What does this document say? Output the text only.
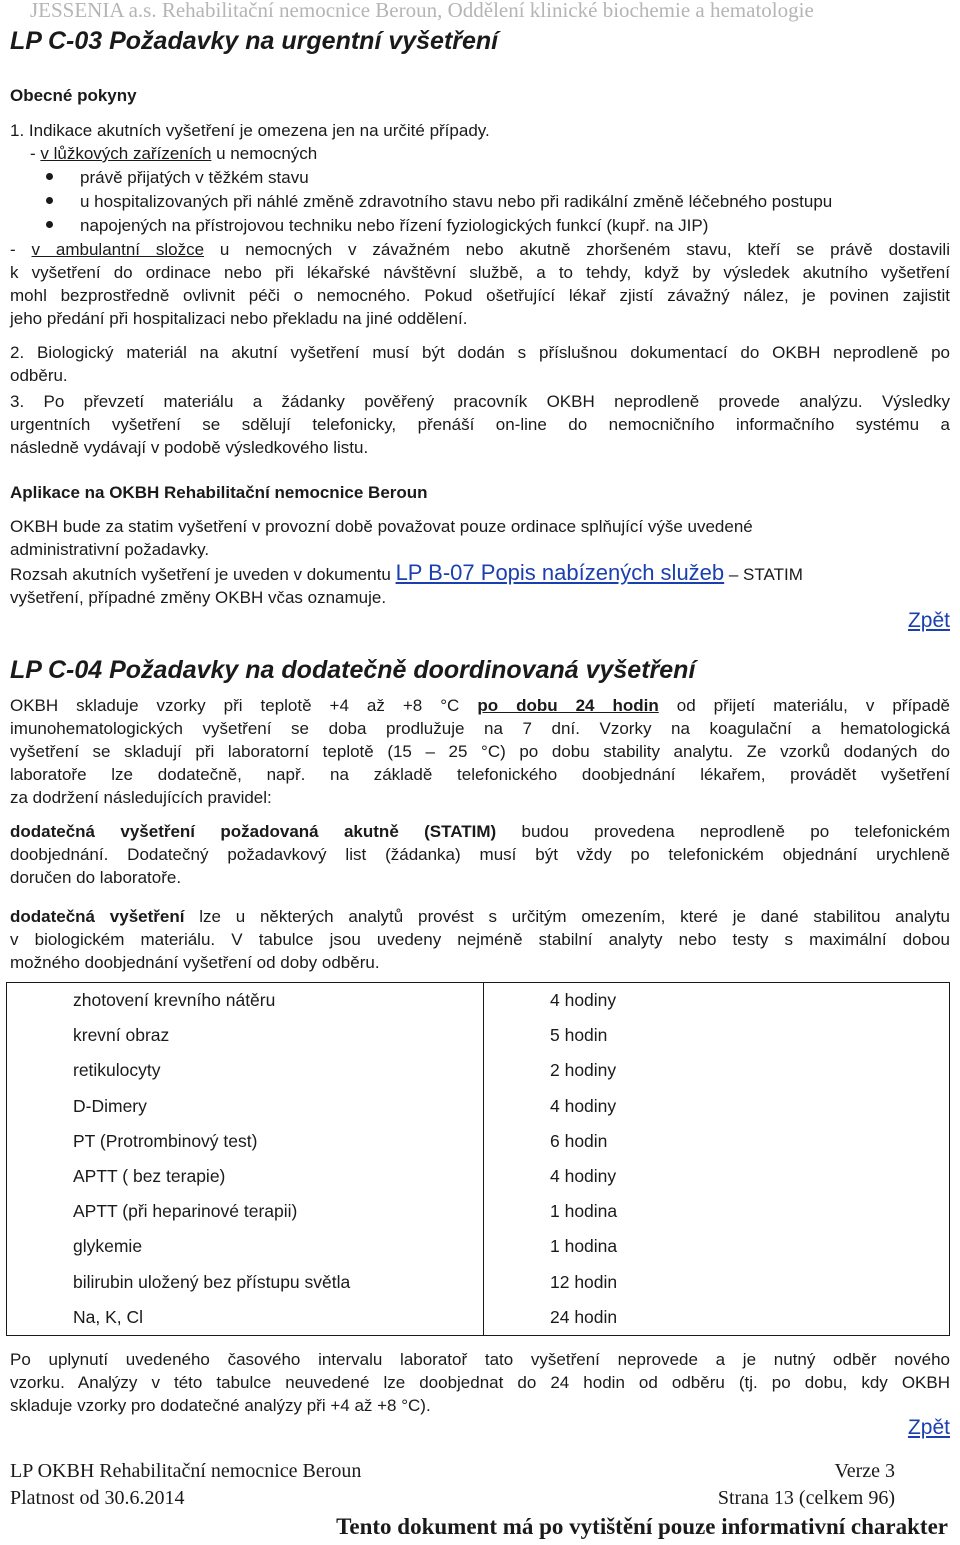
JESSENIA a.s. Rehabilitační nemocnice Beroun, Oddělení klinické biochemie a hematologie
LP C-03 Požadavky na urgentní vyšetření
Obecné pokyny
1. Indikace akutních vyšetření je omezena jen na určité případy.
- v lůžkových zařízeních u nemocných
právě přijatých v těžkém stavu
u hospitalizovaných při náhlé změně zdravotního stavu nebo při radikální změně léčebného postupu
napojených na přístrojovou techniku nebo řízení fyziologických funkcí (kupř. na JIP)
- v ambulantní složce u nemocných v závažném nebo akutně zhoršeném stavu, kteří se právě dostavili
k vyšetření do ordinace nebo při lékařské návštěvní službě, a to tehdy, když by výsledek akutního vyšetření
mohl bezprostředně ovlivnit péči o nemocného. Pokud ošetřující lékař zjistí závažný nález, je povinen zajistit
jeho předání při hospitalizaci nebo překladu na jiné oddělení.
2. Biologický materiál na akutní vyšetření musí být dodán s příslušnou dokumentací do OKBH neprodleně po
odběru.
3. Po převzetí materiálu a žádanky pověřený pracovník OKBH neprodleně provede analýzu. Výsledky
urgentních vyšetření se sdělují telefonicky, přenáší on-line do nemocničního informačního systému a
následně vydávají v podobě výsledkového listu.
Aplikace na OKBH Rehabilitační nemocnice Beroun
OKBH bude za statim vyšetření v provozní době považovat pouze ordinace splňující výše uvedené
administrativní požadavky.
Rozsah akutních vyšetření je uveden v dokumentu LP B-07 Popis nabízených služeb – STATIM
vyšetření, případné změny OKBH včas oznamuje.
Zpět
LP C-04 Požadavky na dodatečně doordinovaná vyšetření
OKBH skladuje vzorky při teplotě +4 až +8 °C po dobu 24 hodin od přijetí materiálu, v případě
imunohematologických vyšetření se doba prodlužuje na 7 dní. Vzorky na koagulační a hematologická
vyšetření se skladují při laboratorní teplotě (15 – 25 °C) po dobu stability analytu. Ze vzorků dodaných do
laboratoře lze dodatečně, např. na základě telefonického doobjednání lékařem, provádět vyšetření
za dodržení následujících pravidel:
dodatečná vyšetření požadovaná akutně (STATIM) budou provedena neprodleně po telefonickém
doobjednání. Dodatečný požadavkový list (žádanka) musí být vždy po telefonickém objednání urychleně
doručen do laboratoře.
dodatečná vyšetření lze u některých analytů provést s určitým omezením, které je dané stabilitou analytu
v biologickém materiálu. V tabulce jsou uvedeny nejméně stabilní analyty nebo testy s maximální dobou
možného doobjednání vyšetření od doby odběru.
zhotovení krevního nátěru	4 hodiny
krevní obraz	5 hodin
retikulocyty	2 hodiny
D-Dimery	4 hodiny
PT (Protrombinový test)	6 hodin
APTT ( bez terapie)	4 hodiny
APTT (při heparinové terapii)	1 hodina
glykemie	1 hodina
bilirubin uložený bez přístupu světla	12 hodin
Na, K, Cl	24 hodin
Po uplynutí uvedeného časového intervalu laboratoř tato vyšetření neprovede a je nutný odběr nového
vzorku. Analýzy v této tabulce neuvedené lze doobjednat do 24 hodin od odběru (tj. po dobu, kdy OKBH
skladuje vzorky pro dodatečné analýzy při +4 až +8 °C).
Zpět
LP OKBH Rehabilitační nemocnice Beroun	Verze 3
Platnost od 30.6.2014	Strana 13 (celkem 96)
Tento dokument má po vytištění pouze informativní charakter
